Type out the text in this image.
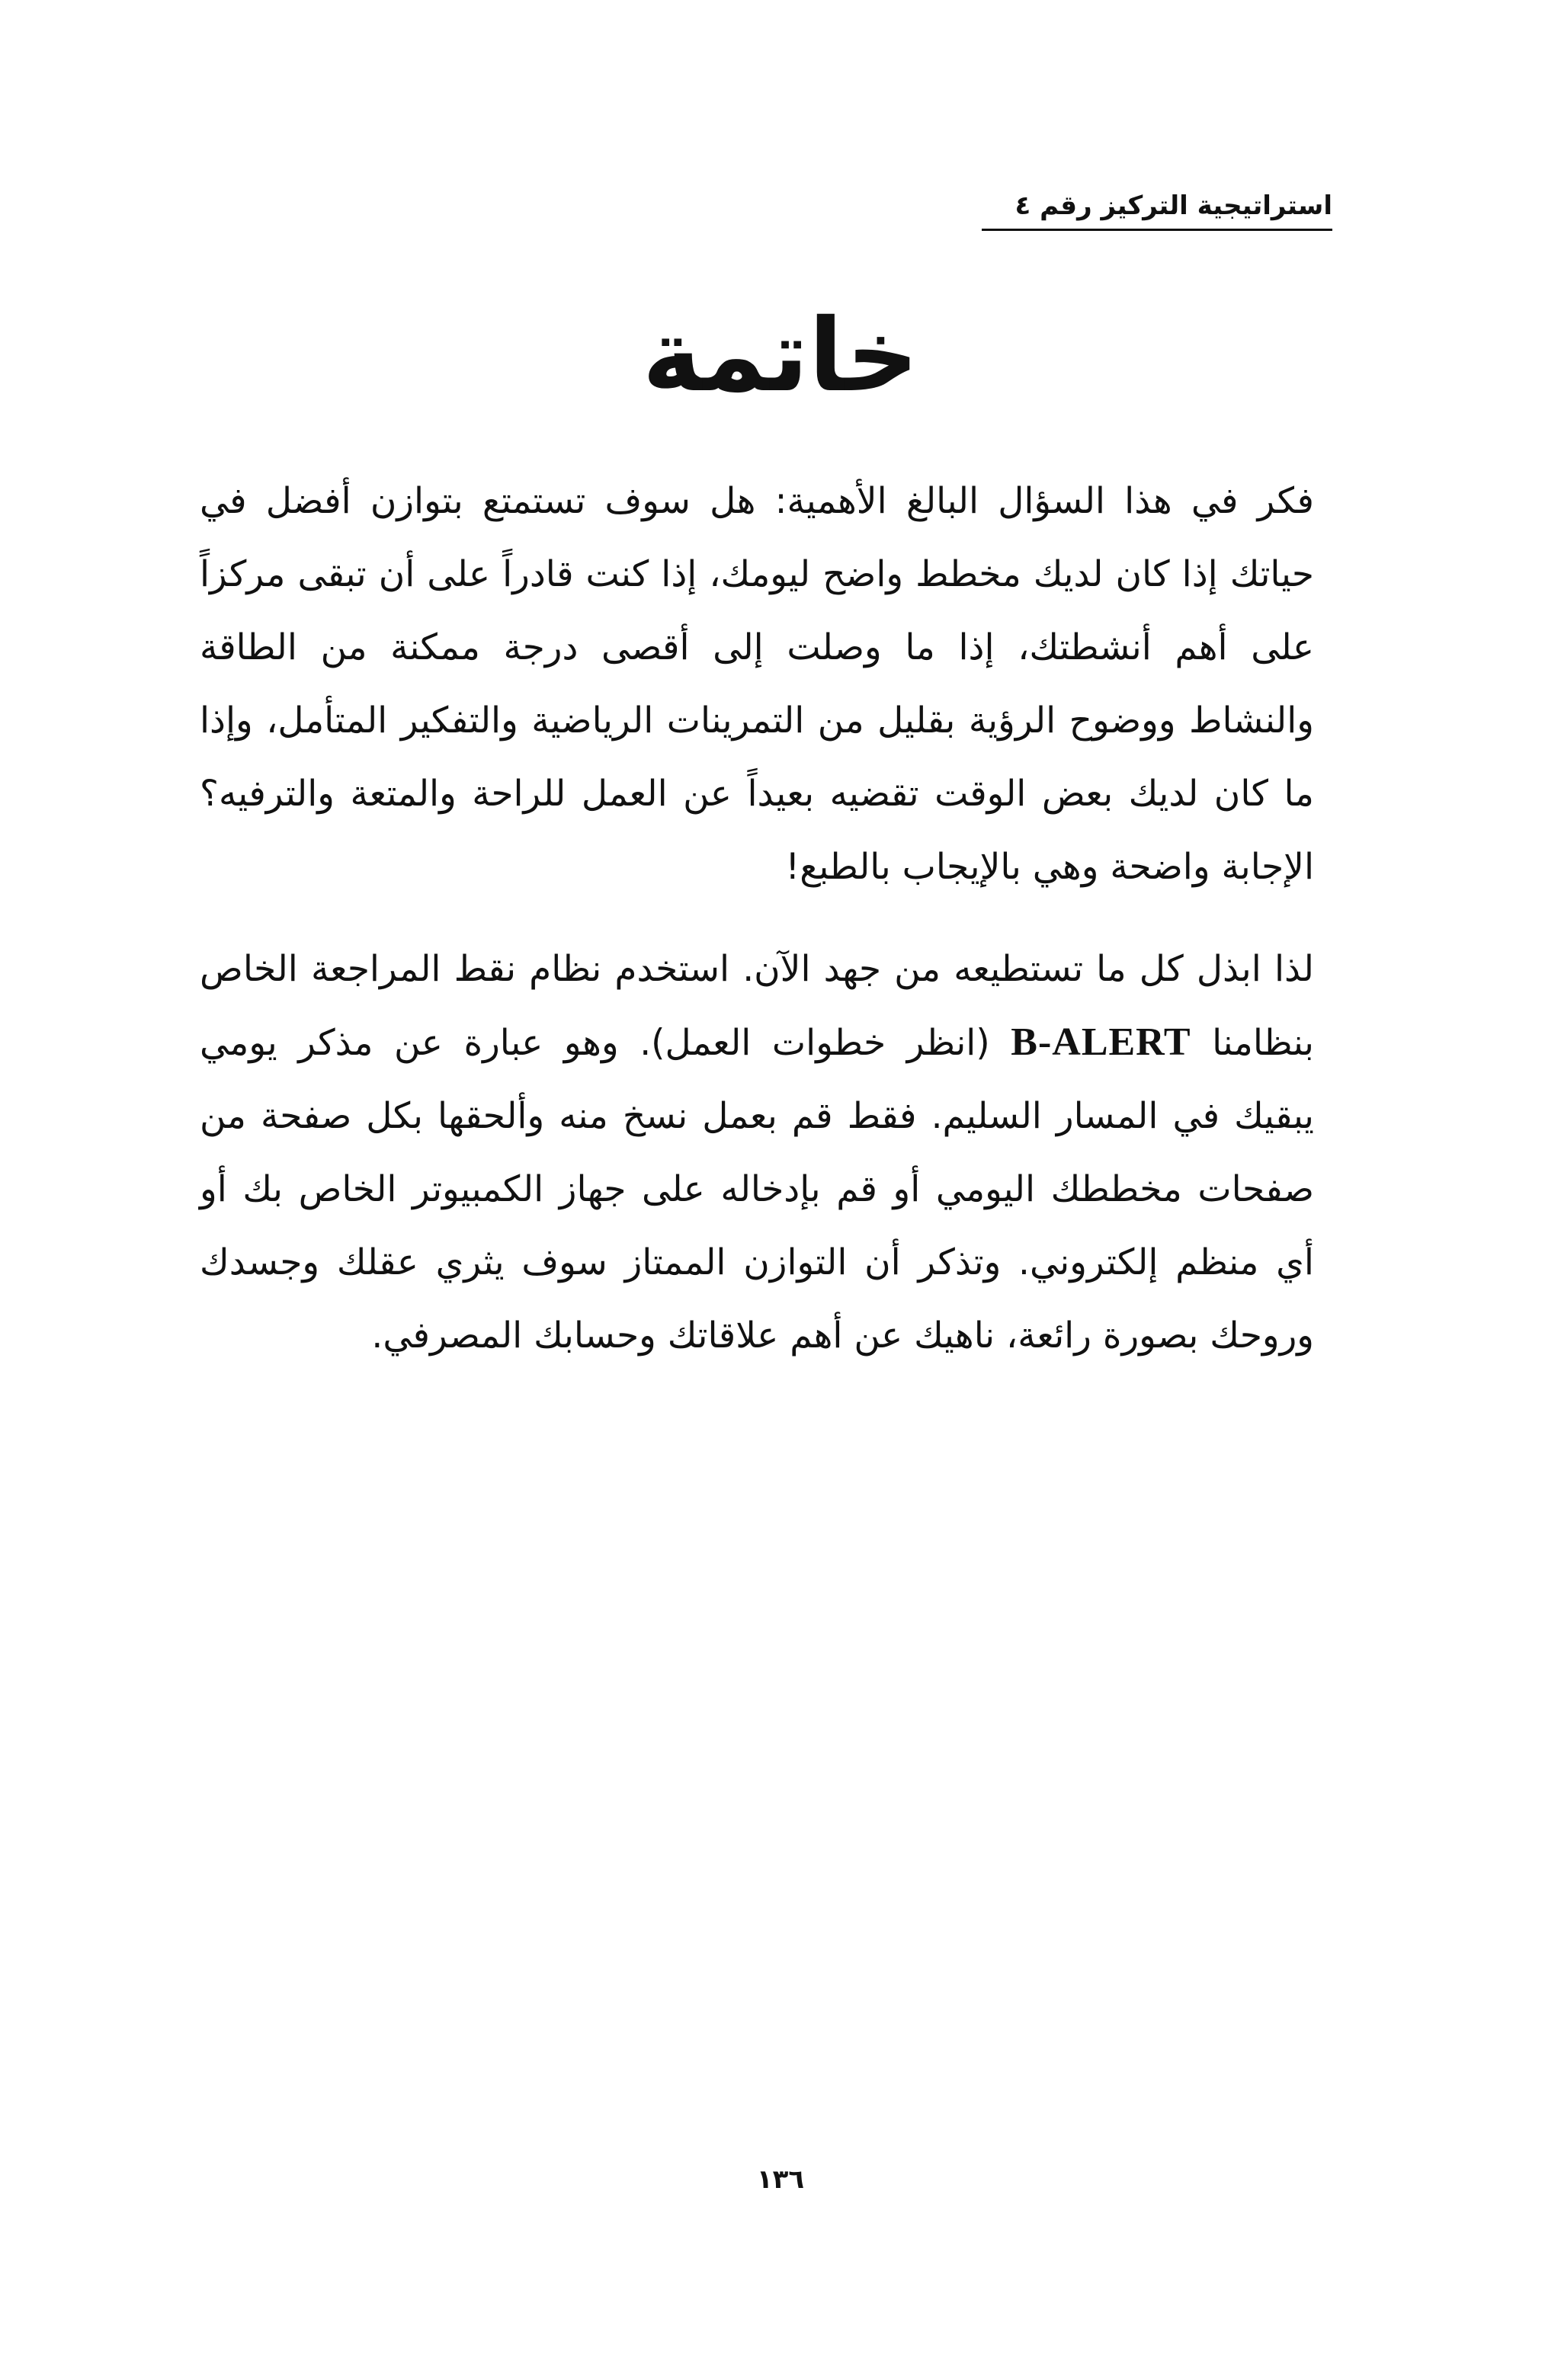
استراتيجية التركيز رقم ٤
خاتمة

فكر في هذا السؤال البالغ الأهمية: هل سوف تستمتع بتوازن أفضل في حياتك إذا كان لديك مخطط واضح ليومك، إذا كنت قادراً على أن تبقى مركزاً على أهم أنشطتك، إذا ما وصلت إلى أقصى درجة ممكنة من الطاقة والنشاط ووضوح الرؤية بقليل من التمرينات الرياضية والتفكير المتأمل، وإذا ما كان لديك بعض الوقت تقضيه بعيداً عن العمل للراحة والمتعة والترفيه؟ الإجابة واضحة وهي بالإيجاب بالطبع!

لذا ابذل كل ما تستطيعه من جهد الآن. استخدم نظام نقط المراجعة الخاص بنظامنا B-ALERT (انظر خطوات العمل). وهو عبارة عن مذكر يومي يبقيك في المسار السليم. فقط قم بعمل نسخ منه وألحقها بكل صفحة من صفحات مخططك اليومي أو قم بإدخاله على جهاز الكمبيوتر الخاص بك أو أي منظم إلكتروني. وتذكر أن التوازن الممتاز سوف يثري عقلك وجسدك وروحك بصورة رائعة، ناهيك عن أهم علاقاتك وحسابك المصرفي.

١٣٦
